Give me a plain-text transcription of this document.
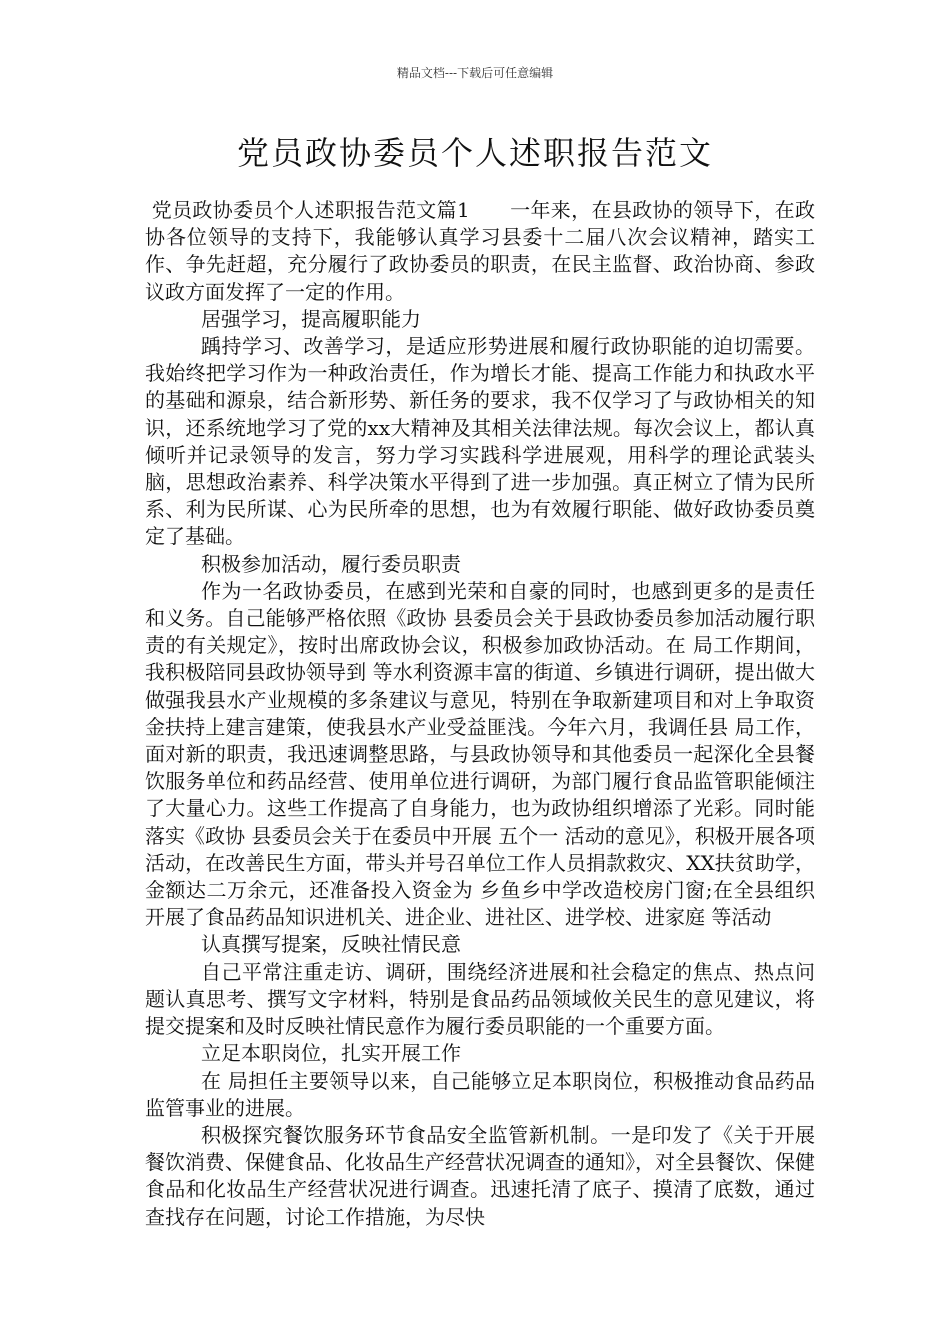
精品文档---下载后可任意编辑
党员政协委员个人述职报告范文

党员政协委员个人述职报告范文篇1 一年来，在县政协的领导下，在政协各位领导的支持下，我能够认真学习县委十二届八次会议精神，踏实工作、争先赶超，充分履行了政协委员的职责，在民主监督、政治协商、参政议政方面发挥了一定的作用。

居强学习，提高履职能力

踽持学习、改善学习，是适应形势进展和履行政协职能的迫切需要。我始终把学习作为一种政治责任，作为增长才能、提高工作能力和执政水平的基础和源泉，结合新形势、新任务的要求，我不仅学习了与政协相关的知识，还系统地学习了党的xx大精神及其相关法律法规。每次会议上，都认真倾听并记录领导的发言，努力学习实践科学进展观，用科学的理论武装头脑，思想政治素养、科学决策水平得到了进一步加强。真正树立了情为民所系、利为民所谋、心为民所牵的思想，也为有效履行职能、做好政协委员奠定了基础。

积极参加活动，履行委员职责

作为一名政协委员，在感到光荣和自豪的同时，也感到更多的是责任和义务。自己能够严格依照《政协 县委员会关于县政协委员参加活动履行职责的有关规定》，按时出席政协会议，积极参加政协活动。在 局工作期间，我积极陪同县政协领导到 等水利资源丰富的街道、乡镇进行调研，提出做大做强我县水产业规模的多条建议与意见，特别在争取新建项目和对上争取资金扶持上建言建策，使我县水产业受益匪浅。今年六月，我调任县 局工作，面对新的职责，我迅速调整思路，与县政协领导和其他委员一起深化全县餐饮服务单位和药品经营、使用单位进行调研，为部门履行食品监管职能倾注了大量心力。这些工作提高了自身能力，也为政协组织增添了光彩。同时能落实《政协 县委员会关于在委员中开展 五个一 活动的意见》，积极开展各项活动，在改善民生方面，带头并号召单位工作人员捐款救灾、XX扶贫助学，金额达二万余元，还准备投入资金为 乡鱼乡中学改造校房门窗;在全县组织开展了食品药品知识进机关、进企业、进社区、进学校、进家庭 等活动

认真撰写提案，反映社情民意

自己平常注重走访、调研，围绕经济进展和社会稳定的焦点、热点问题认真思考、撰写文字材料，特别是食品药品领域攸关民生的意见建议，将提交提案和及时反映社情民意作为履行委员职能的一个重要方面。

立足本职岗位，扎实开展工作

在 局担任主要领导以来，自己能够立足本职岗位，积极推动食品药品监管事业的进展。

积极探究餐饮服务环节食品安全监管新机制。一是印发了《关于开展餐饮消费、保健食品、化妆品生产经营状况调查的通知》，对全县餐饮、保健食品和化妆品生产经营状况进行调查。迅速托清了底子、摸清了底数，通过查找存在问题，讨论工作措施，为尽快
